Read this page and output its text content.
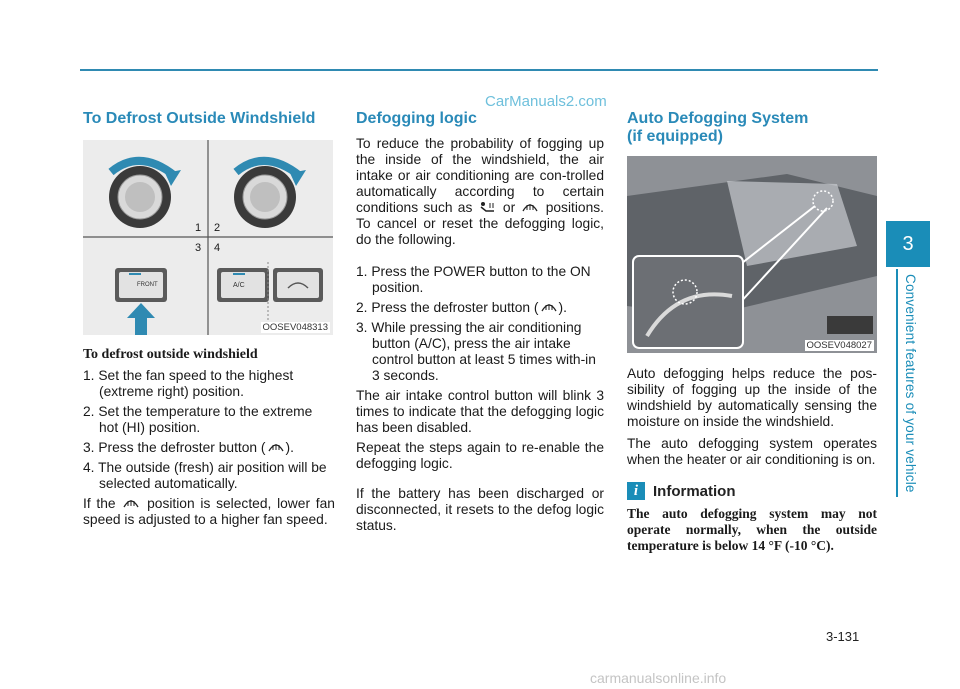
CarManuals2.com
3
Convenient features of your vehicle
To Defrost Outside Windshield
1 2
3 4
FRONT	A/C
OOSEV048313

To defrost outside windshield

1. Set the fan speed to the highest (extreme right) position.
2. Set the temperature to the extreme hot (HI) position.
3. Press the defroster button ( ).
4. The outside (fresh) air position will be selected automatically.

If the position is selected, lower fan speed is adjusted to a higher fan speed.

Defogging logic

To reduce the probability of fogging up the inside of the windshield, the air intake or air conditioning are con-trolled automatically according to certain conditions such as or positions. To cancel or reset the defogging logic, do the following.

1. Press the POWER button to the ON position.
2. Press the defroster button ( ).
3. While pressing the air conditioning button (A/C), press the air intake control button at least 5 times with-in 3 seconds.

The air intake control button will blink 3 times to indicate that the defogging logic has been disabled.

Repeat the steps again to re-enable the defogging logic.

If the battery has been discharged or disconnected, it resets to the defog logic status.

Auto Defogging System
(if equipped)
OOSEV048027

Auto defogging helps reduce the pos-sibility of fogging up the inside of the windshield by automatically sensing the moisture on inside the windshield.

The auto defogging system operates when the heater or air conditioning is on.

i Information

The auto defogging system may not operate normally, when the outside temperature is below 14 °F (-10 °C).

3-131
carmanualsonline.info
